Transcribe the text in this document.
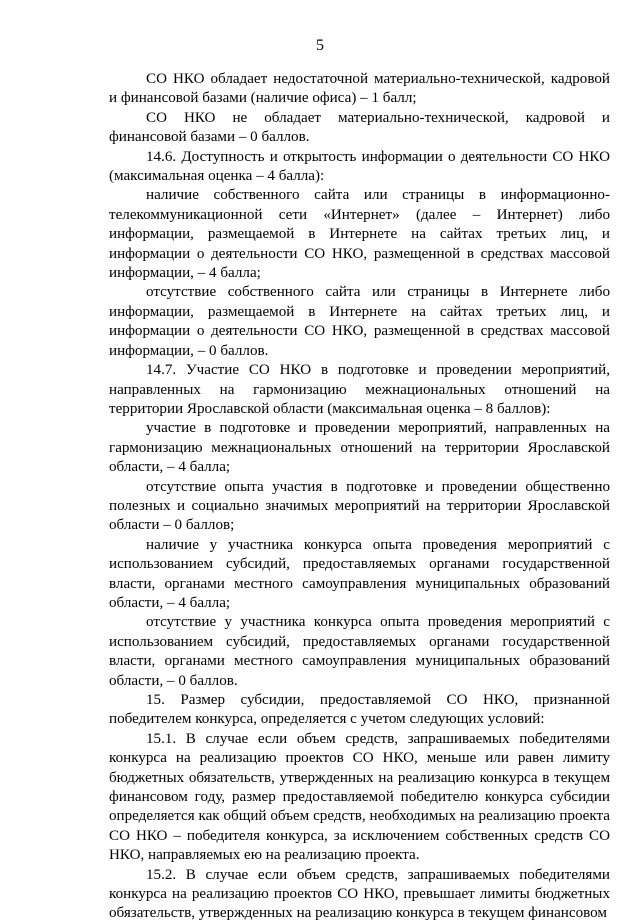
5

СО НКО обладает недостаточной материально-технической, кадровой и финансовой базами (наличие офиса) – 1 балл;

СО НКО не обладает материально-технической, кадровой и финансовой базами – 0 баллов.

14.6. Доступность и открытость информации о деятельности СО НКО (максимальная оценка – 4 балла):

наличие собственного сайта или страницы в информационно-телекоммуникационной сети «Интернет» (далее – Интернет) либо информации, размещаемой в Интернете на сайтах третьих лиц, и информации о деятельности СО НКО, размещенной в средствах массовой информации, – 4 балла;

отсутствие собственного сайта или страницы в Интернете либо информации, размещаемой в Интернете на сайтах третьих лиц, и информации о деятельности СО НКО, размещенной в средствах массовой информации, – 0 баллов.

14.7. Участие СО НКО в подготовке и проведении мероприятий, направленных на гармонизацию межнациональных отношений на территории Ярославской области (максимальная оценка – 8 баллов):

участие в подготовке и проведении мероприятий, направленных на гармонизацию межнациональных отношений на территории Ярославской области, – 4 балла;

отсутствие опыта участия в подготовке и проведении общественно полезных и социально значимых мероприятий на территории Ярославской области – 0 баллов;

наличие у участника конкурса опыта проведения мероприятий с использованием субсидий, предоставляемых органами государственной власти, органами местного самоуправления муниципальных образований области, – 4 балла;

отсутствие у участника конкурса опыта проведения мероприятий с использованием субсидий, предоставляемых органами государственной власти, органами местного самоуправления муниципальных образований области, – 0 баллов.

15. Размер субсидии, предоставляемой СО НКО, признанной победителем конкурса, определяется с учетом следующих условий:

15.1. В случае если объем средств, запрашиваемых победителями конкурса на реализацию проектов СО НКО, меньше или равен лимиту бюджетных обязательств, утвержденных на реализацию конкурса в текущем финансовом году, размер предоставляемой победителю конкурса субсидии определяется как общий объем средств, необходимых на реализацию проекта СО НКО – победителя конкурса, за исключением собственных средств СО НКО, направляемых ею на реализацию проекта.

15.2. В случае если объем средств, запрашиваемых победителями конкурса на реализацию проектов СО НКО, превышает лимиты бюджетных обязательств, утвержденных на реализацию конкурса в текущем финансовом
